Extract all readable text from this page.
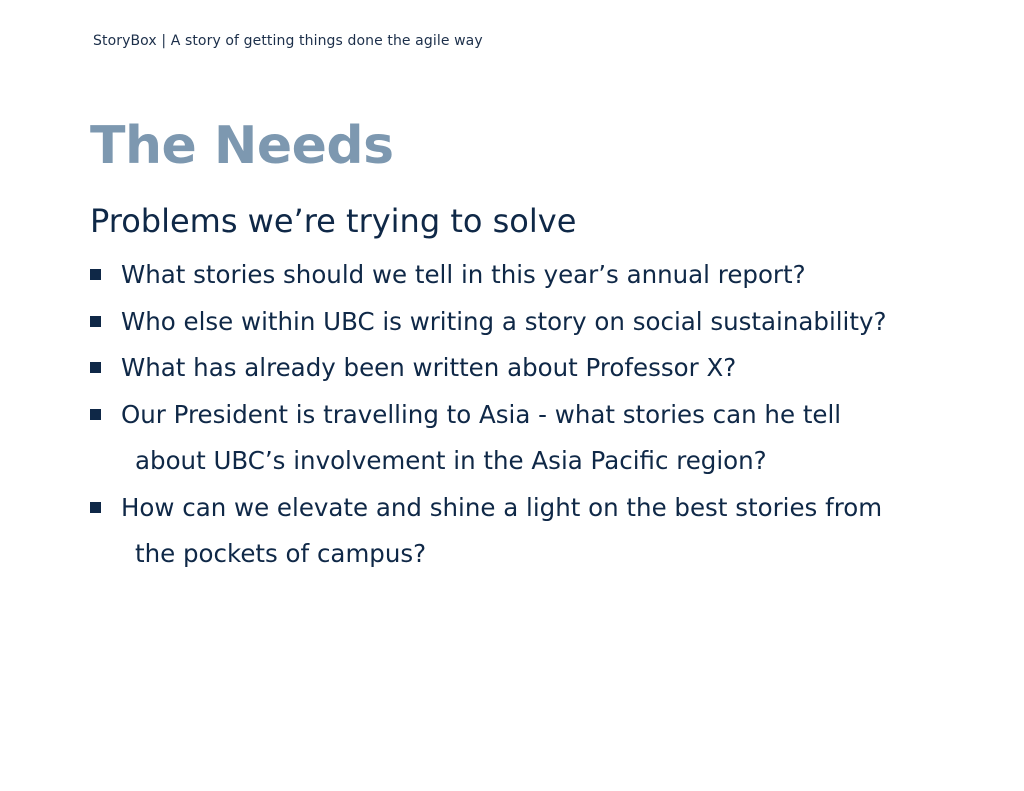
StoryBox | A story of getting things done the agile way
The Needs
Problems we’re trying to solve
What stories should we tell in this year’s annual report?
Who else within UBC is writing a story on social sustainability?
What has already been written about Professor X?
Our President is travelling to Asia - what stories can he tell
about UBC’s involvement in the Asia Pacific region?
How can we elevate and shine a light on the best stories from
the pockets of campus?
